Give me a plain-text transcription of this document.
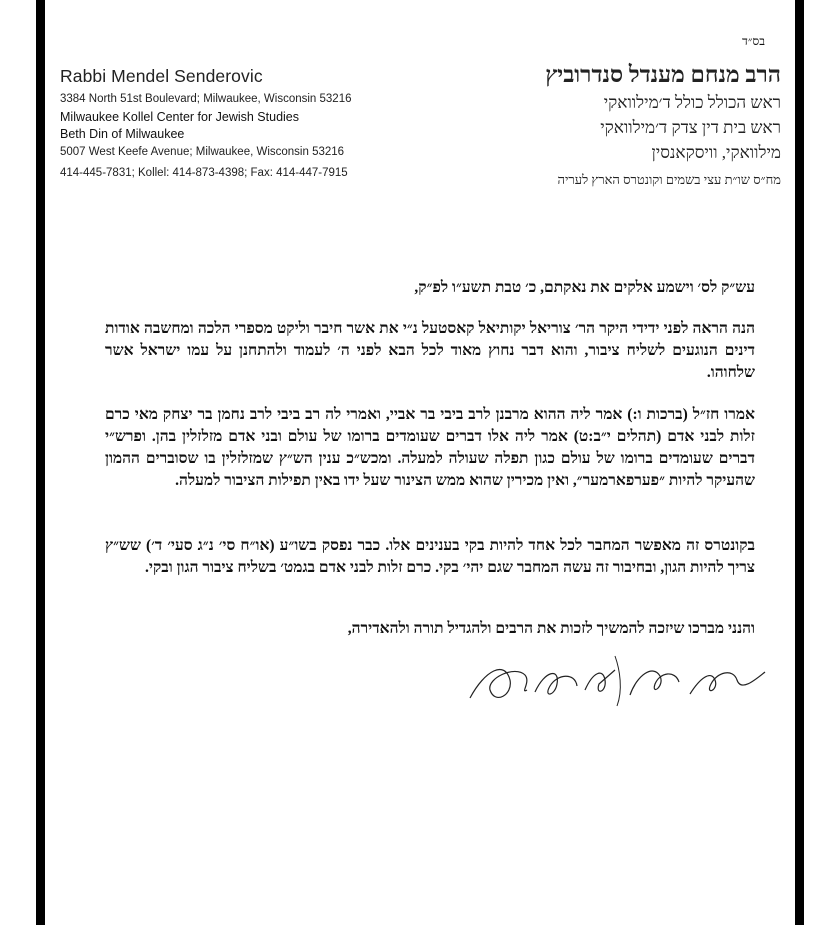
בס״ד
Rabbi Mendel Senderovic
3384 North 51st Boulevard; Milwaukee, Wisconsin 53216
Milwaukee Kollel Center for Jewish Studies
Beth Din of Milwaukee
5007 West Keefe Avenue; Milwaukee, Wisconsin 53216
414-445-7831; Kollel: 414-873-4398; Fax: 414-447-7915
הרב מנחם מענדל סנדרוביץ
ראש הכולל כולל ד׳מילוואקי
ראש בית דין צדק ד׳מילוואקי
מילוואקי, וויסקאנסין
מח״ס שו״ת עצי בשמים וקונטרס הארץ לעריה
עש״ק לס׳ וישמע אלקים את נאקתם, כ׳ טבת תשע״ו לפ״ק,
הנה הראה לפני ידידי היקר הר׳ צוריאל יקותיאל קאסטעל נ״י את אשר חיבר וליקט מספרי הלכה ומחשבה אודות דינים הנוגעים לשליח ציבור, והוא דבר נחוץ מאוד לכל הבא לפני ה׳ לעמוד ולהתחנן על עמו ישראל אשר שלחוהו.
אמרו חז״ל (ברכות ו:) אמר ליה ההוא מרבנן לרב ביבי בר אביי, ואמרי לה רב ביבי לרב נחמן בר יצחק מאי כרם זלות לבני אדם (תהלים י״ב:ט) אמר ליה אלו דברים שעומדים ברומו של עולם ובני אדם מזלזלין בהן. ופרש״י דברים שעומדים ברומו של עולם כגון תפלה שעולה למעלה. ומכש״כ ענין הש״ץ שמזלזלין בו שסוברים ההמון שהעיקר להיות ״פערפארמער״, ואין מכירין שהוא ממש הצינור שעל ידו באין תפילות הציבור למעלה.
בקונטרס זה מאפשר המחבר לכל אחד להיות בקי בענינים אלו. כבר נפסק בשו״ע (או״ח סי׳ נ״ג סעי׳ ד׳) שש״ץ צריך להיות הגון, ובחיבור זה עשה המחבר שגם יהי׳ בקי. כרם זלות לבני אדם בגמט׳ בשליח ציבור הגון ובקי.
והנני מברכו שיזכה להמשיך לזכות את הרבים ולהגדיל תורה ולהאדירה,
